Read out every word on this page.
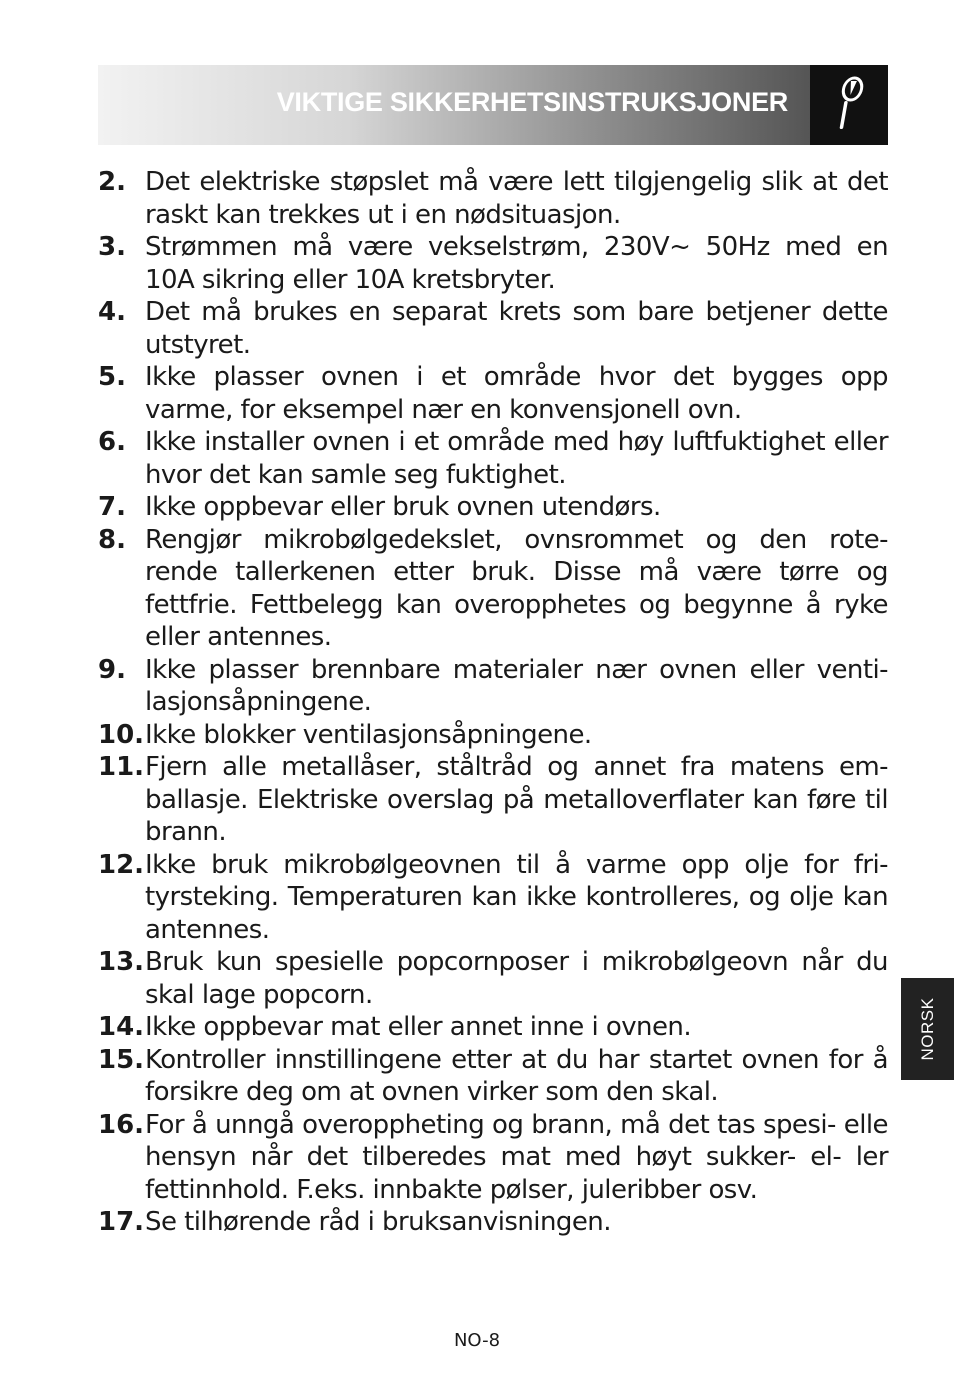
VIKTIGE SIKKERHETSINSTRUKSJONER
2. Det elektriske støpslet må være lett tilgjengelig slik at det raskt kan trekkes ut i en nødsituasjon.
3. Strømmen må være vekselstrøm, 230V~ 50Hz med en 10A sikring eller 10A kretsbryter.
4. Det må brukes en separat krets som bare betjener dette utstyret.
5. Ikke plasser ovnen i et område hvor det bygges opp varme, for eksempel nær en konvensjonell ovn.
6. Ikke installer ovnen i et område med høy luftfuktighet eller hvor det kan samle seg fuktighet.
7. Ikke oppbevar eller bruk ovnen utendørs.
8. Rengjør mikrobølgedekslet, ovnsrommet og den rote- rende tallerkenen etter bruk. Disse må være tørre og fettfrie. Fettbelegg kan overopphetes og begynne å ryke eller antennes.
9. Ikke plasser brennbare materialer nær ovnen eller venti- lasjonsåpningene.
10. Ikke blokker ventilasjonsåpningene.
11. Fjern alle metallåser, ståltråd og annet fra matens em- ballasje. Elektriske overslag på metalloverflater kan føre til brann.
12. Ikke bruk mikrobølgeovnen til å varme opp olje for fri- tyrsteking. Temperaturen kan ikke kontrolleres, og olje kan antennes.
13. Bruk kun spesielle popcornposer i mikrobølgeovn når du skal lage popcorn.
14. Ikke oppbevar mat eller annet inne i ovnen.
15. Kontroller innstillingene etter at du har startet ovnen for å forsikre deg om at ovnen virker som den skal.
16. For å unngå overoppheting og brann, må det tas spesi- elle hensyn når det tilberedes mat med høyt sukker- el- ler fettinnhold. F.eks. innbakte pølser, juleribber osv.
17. Se tilhørende råd i bruksanvisningen.
NORSK
NO-8
